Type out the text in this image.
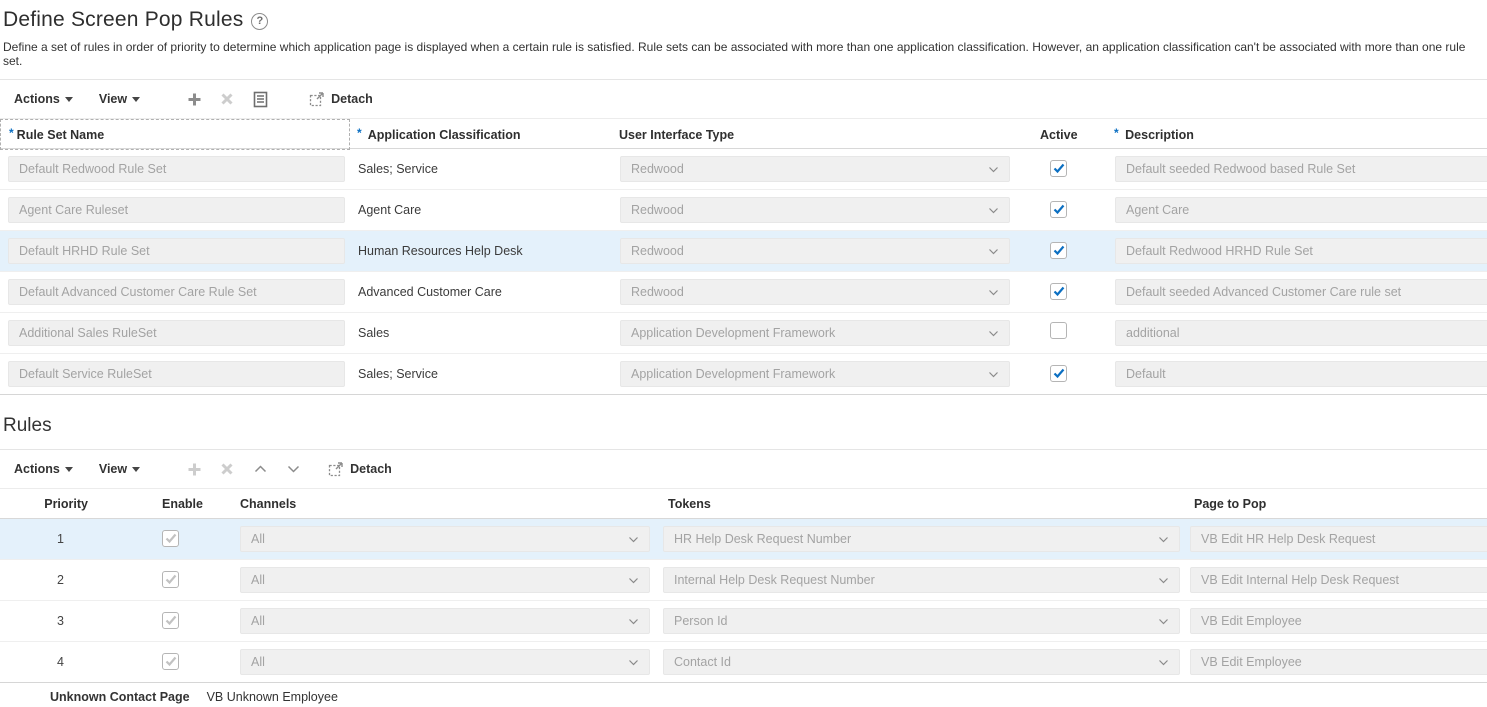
Define Screen Pop Rules	?
Define a set of rules in order of priority to determine which application page is displayed when a certain rule is satisfied. Rule sets can be associated with more than one application classification. However, an application classification can't be associated with more than one rule set.
Actions	View	Detach
* Rule Set Name	* Application Classification	User Interface Type	Active	* Description
Default Redwood Rule Set	Sales; Service	Redwood	Default seeded Redwood based Rule Set
Agent Care Ruleset	Agent Care	Redwood	Agent Care
Default HRHD Rule Set	Human Resources Help Desk	Redwood	Default Redwood HRHD Rule Set
Default Advanced Customer Care Rule Set	Advanced Customer Care	Redwood	Default seeded Advanced Customer Care rule set
Additional Sales RuleSet	Sales	Application Development Framework	additional
Default Service RuleSet	Sales; Service	Application Development Framework	Default
Rules
Actions	View	Detach
Priority	Enable	Channels	Tokens	Page to Pop
1	All	HR Help Desk Request Number	VB Edit HR Help Desk Request
2	All	Internal Help Desk Request Number	VB Edit Internal Help Desk Request
3	All	Person Id	VB Edit Employee
4	All	Contact Id	VB Edit Employee
Unknown Contact Page VB Unknown Employee
